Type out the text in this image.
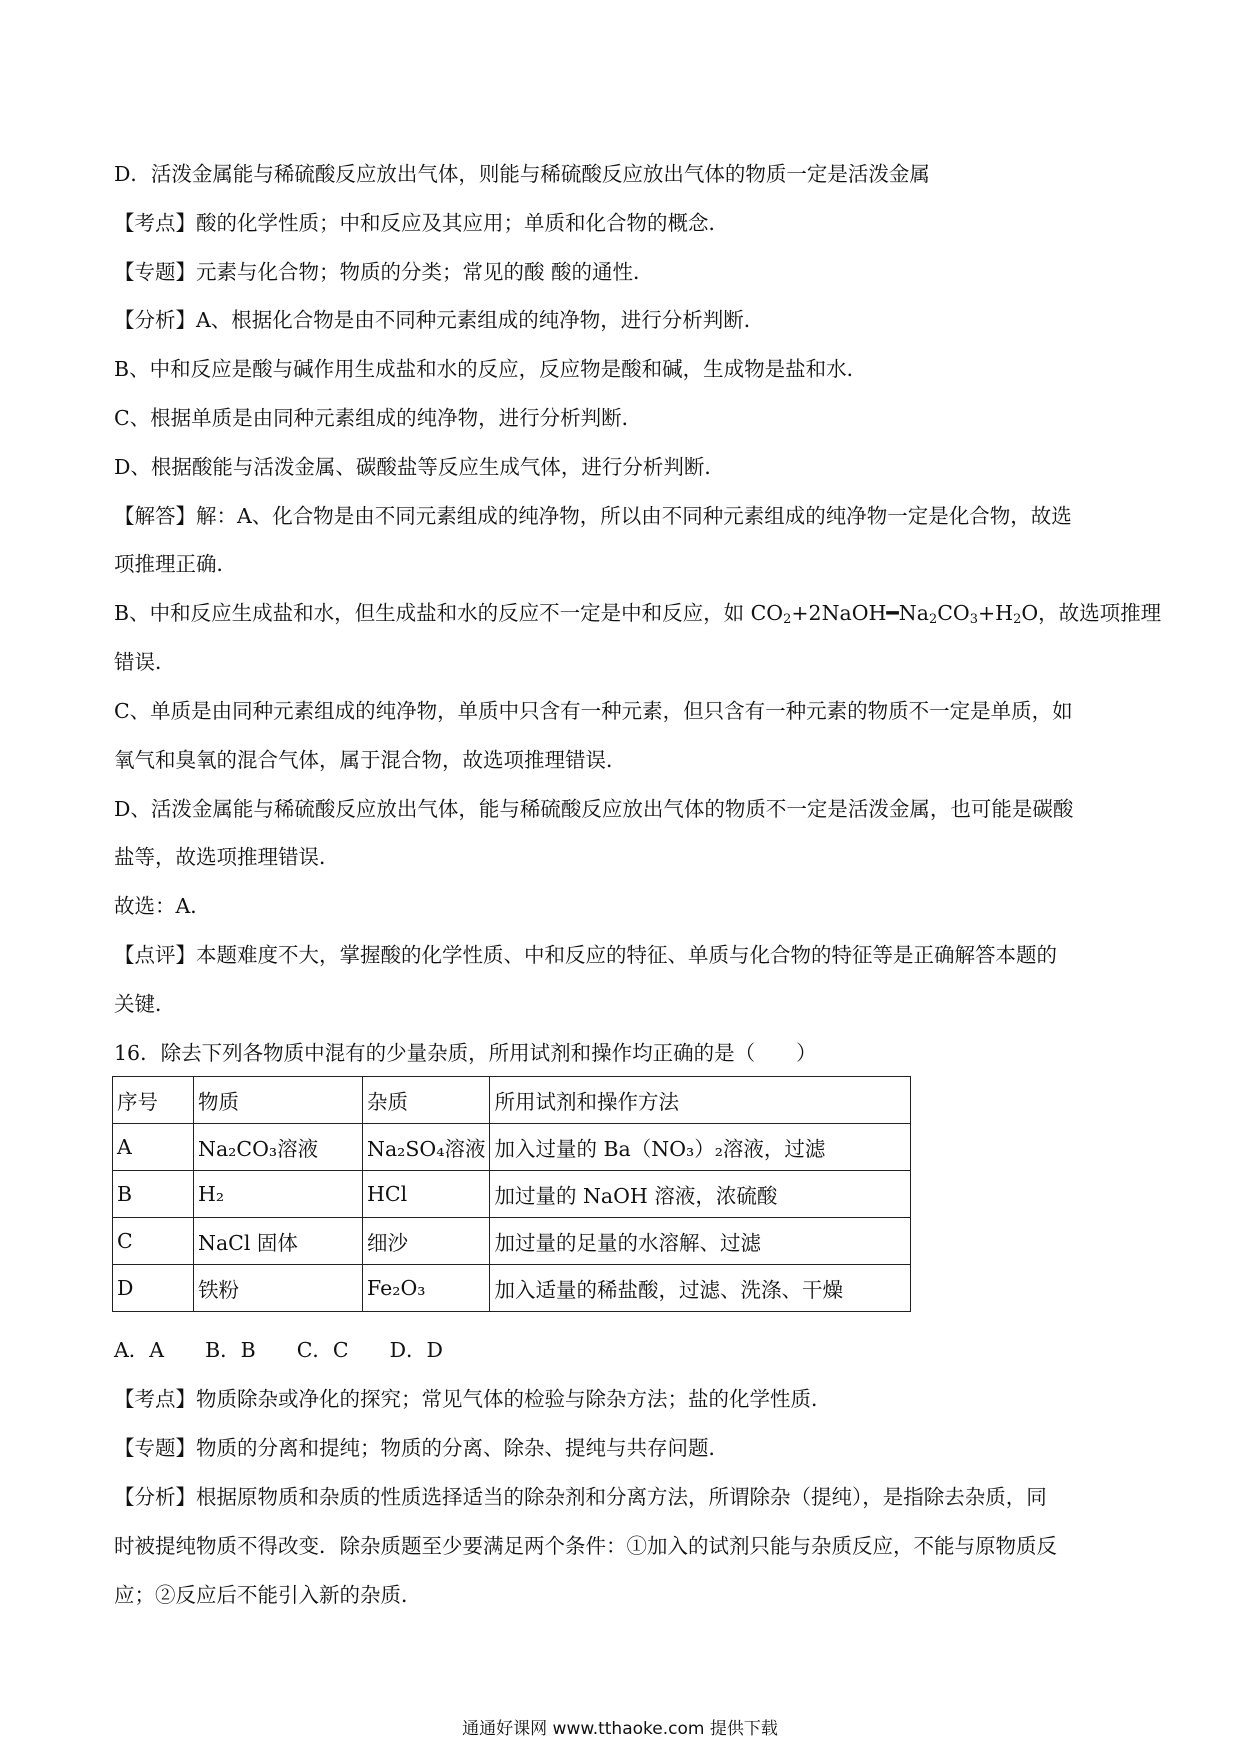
D．活泼金属能与稀硫酸反应放出气体，则能与稀硫酸反应放出气体的物质一定是活泼金属
【考点】酸的化学性质；中和反应及其应用；单质和化合物的概念．
【专题】元素与化合物；物质的分类；常见的酸 酸的通性．
【分析】A、根据化合物是由不同种元素组成的纯净物，进行分析判断．
B、中和反应是酸与碱作用生成盐和水的反应，反应物是酸和碱，生成物是盐和水．
C、根据单质是由同种元素组成的纯净物，进行分析判断．
D、根据酸能与活泼金属、碳酸盐等反应生成气体，进行分析判断．
【解答】解：A、化合物是由不同元素组成的纯净物，所以由不同种元素组成的纯净物一定是化合物，故选
项推理正确．
B、中和反应生成盐和水，但生成盐和水的反应不一定是中和反应，如 $CO_2+2NaOH━Na_2CO_3+H_2O$，故选项推理
错误．
C、单质是由同种元素组成的纯净物，单质中只含有一种元素，但只含有一种元素的物质不一定是单质，如
氧气和臭氧的混合气体，属于混合物，故选项推理错误．
D、活泼金属能与稀硫酸反应放出气体，能与稀硫酸反应放出气体的物质不一定是活泼金属，也可能是碳酸
盐等，故选项推理错误．
故选：A．
【点评】本题难度不大，掌握酸的化学性质、中和反应的特征、单质与化合物的特征等是正确解答本题的
关键．
16．除去下列各物质中混有的少量杂质，所用试剂和操作均正确的是（　　）
序号	物质	杂质	所用试剂和操作方法
A	Na₂CO₃溶液	Na₂SO₄溶液	加入过量的 Ba（NO₃）₂溶液，过滤
B	H₂	HCl	加过量的 NaOH 溶液，浓硫酸
C	NaCl 固体	细沙	加过量的足量的水溶解、过滤
D	铁粉	Fe₂O₃	加入适量的稀盐酸，过滤、洗涤、干燥
A．A　　B．B　　C．C　　D．D
【考点】物质除杂或净化的探究；常见气体的检验与除杂方法；盐的化学性质．
【专题】物质的分离和提纯；物质的分离、除杂、提纯与共存问题．
【分析】根据原物质和杂质的性质选择适当的除杂剂和分离方法，所谓除杂（提纯），是指除去杂质，同
时被提纯物质不得改变．除杂质题至少要满足两个条件：①加入的试剂只能与杂质反应，不能与原物质反
应；②反应后不能引入新的杂质．
通通好课网 www.tthaoke.com 提供下载
